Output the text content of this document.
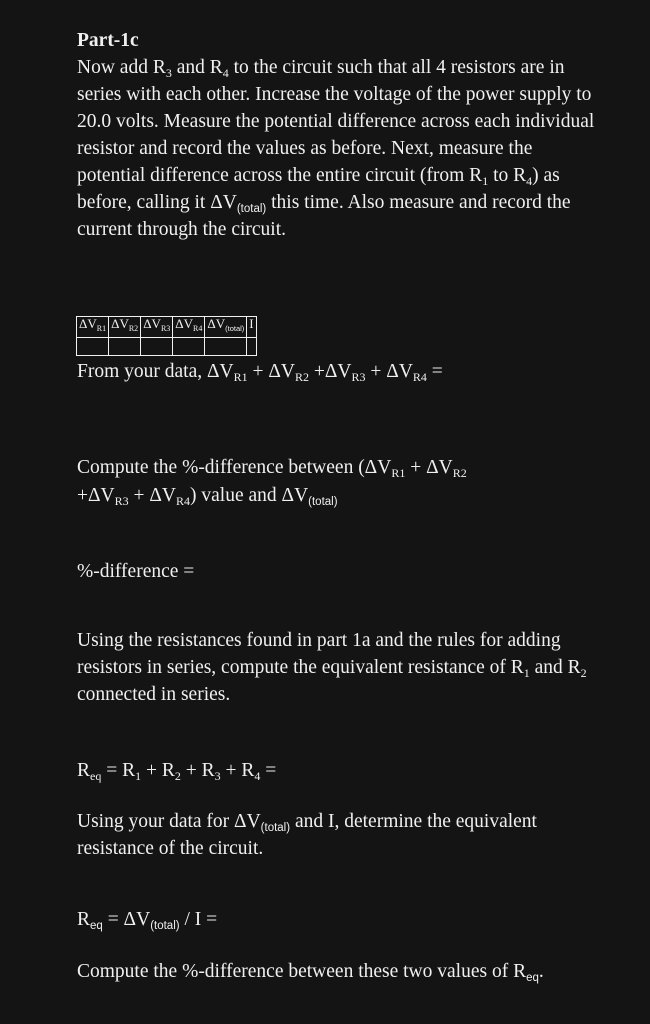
Part-1c
Now add $R_3$ and $R_4$ to the circuit such that all 4 resistors are in series with each other. Increase the voltage of the power supply to 20.0 volts. Measure the potential difference across each individual resistor and record the values as before. Next, measure the potential difference across the entire circuit (from $R_1$ to $R_4$) as before, calling it $\Delta V_{(total)}$ this time. Also measure and record the current through the circuit.
$\Delta V_{R1}$	$\Delta V_{R2}$	$\Delta V_{R3}$	$\Delta V_{R4}$	$\Delta V_{(total)}$	I

From your data, $\Delta V_{R1} + \Delta V_{R2} +\Delta V_{R3} + \Delta V_{R4}$ =
Compute the %-difference between ($\Delta V_{R1} + \Delta V_{R2}$
$+\Delta V_{R3} + \Delta V_{R4}$) value and $\Delta V_{(total)}$
%-difference =
Using the resistances found in part 1a and the rules for adding resistors in series, compute the equivalent resistance of $R_1$ and $R_2$ connected in series.
$R_{eq} = R_1 + R_2 + R_3 + R_4$ =
Using your data for $\Delta V_{(total)}$ and I, determine the equivalent resistance of the circuit.
$R_{eq} = \Delta V_{(total)} / I$ =
Compute the %-difference between these two values of $R_{eq}$.
